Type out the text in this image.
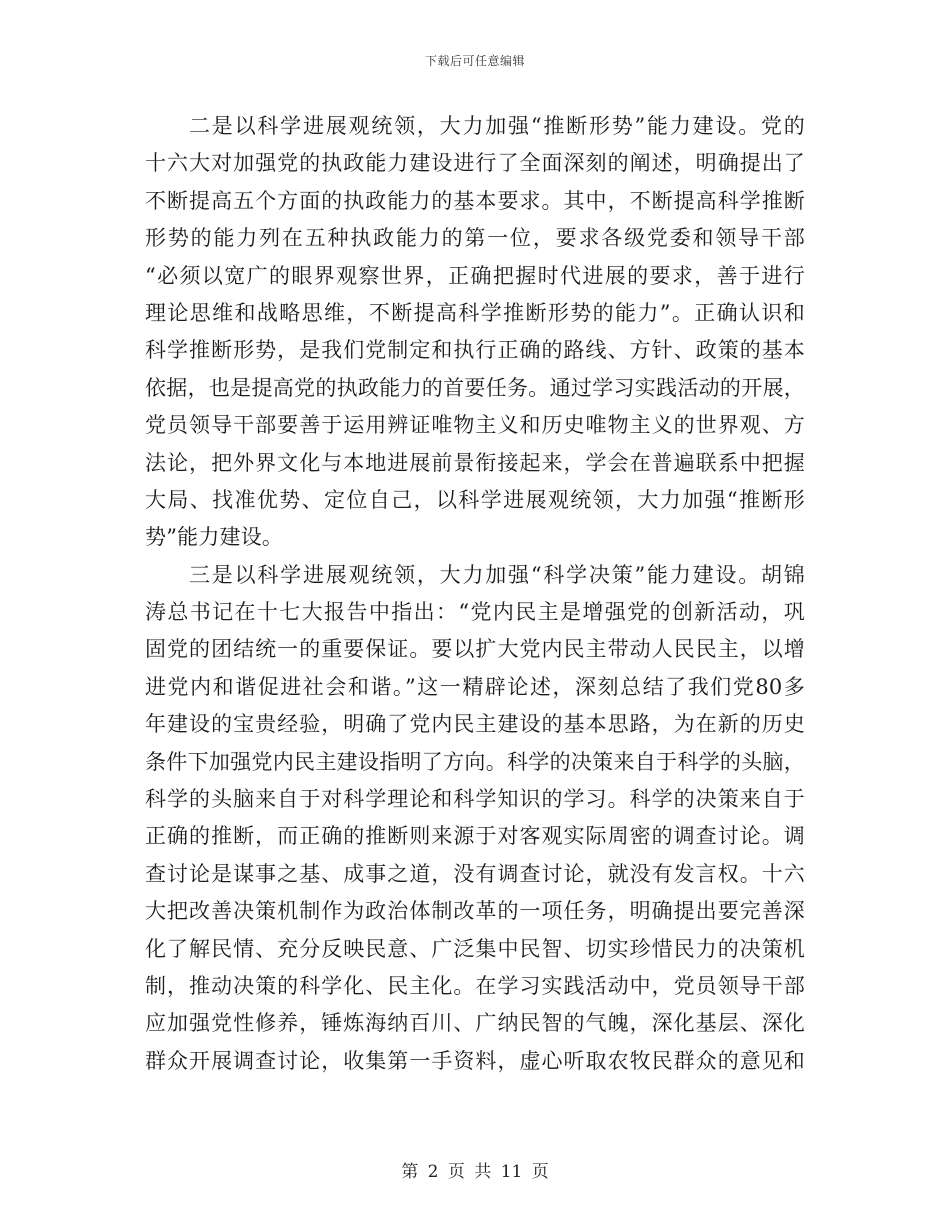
下载后可任意编辑
二是以科学进展观统领，大力加强“推断形势”能力建设。党的
十六大对加强党的执政能力建设进行了全面深刻的阐述，明确提出了
不断提高五个方面的执政能力的基本要求。其中，不断提高科学推断
形势的能力列在五种执政能力的第一位，要求各级党委和领导干部
“必须以宽广的眼界观察世界，正确把握时代进展的要求，善于进行
理论思维和战略思维，不断提高科学推断形势的能力”。正确认识和
科学推断形势，是我们党制定和执行正确的路线、方针、政策的基本
依据，也是提高党的执政能力的首要任务。通过学习实践活动的开展，
党员领导干部要善于运用辨证唯物主义和历史唯物主义的世界观、方
法论，把外界文化与本地进展前景衔接起来，学会在普遍联系中把握
大局、找准优势、定位自己，以科学进展观统领，大力加强“推断形
势”能力建设。
三是以科学进展观统领，大力加强“科学决策”能力建设。胡锦
涛总书记在十七大报告中指出：“党内民主是增强党的创新活动，巩
固党的团结统一的重要保证。要以扩大党内民主带动人民民主，以增
进党内和谐促进社会和谐。”这一精辟论述，深刻总结了我们党80多
年建设的宝贵经验，明确了党内民主建设的基本思路，为在新的历史
条件下加强党内民主建设指明了方向。科学的决策来自于科学的头脑，
科学的头脑来自于对科学理论和科学知识的学习。科学的决策来自于
正确的推断，而正确的推断则来源于对客观实际周密的调查讨论。调
查讨论是谋事之基、成事之道，没有调查讨论，就没有发言权。十六
大把改善决策机制作为政治体制改革的一项任务，明确提出要完善深
化了解民情、充分反映民意、广泛集中民智、切实珍惜民力的决策机
制，推动决策的科学化、民主化。在学习实践活动中，党员领导干部
应加强党性修养，锤炼海纳百川、广纳民智的气魄，深化基层、深化
群众开展调查讨论，收集第一手资料，虚心听取农牧民群众的意见和
第 2 页 共 11 页
